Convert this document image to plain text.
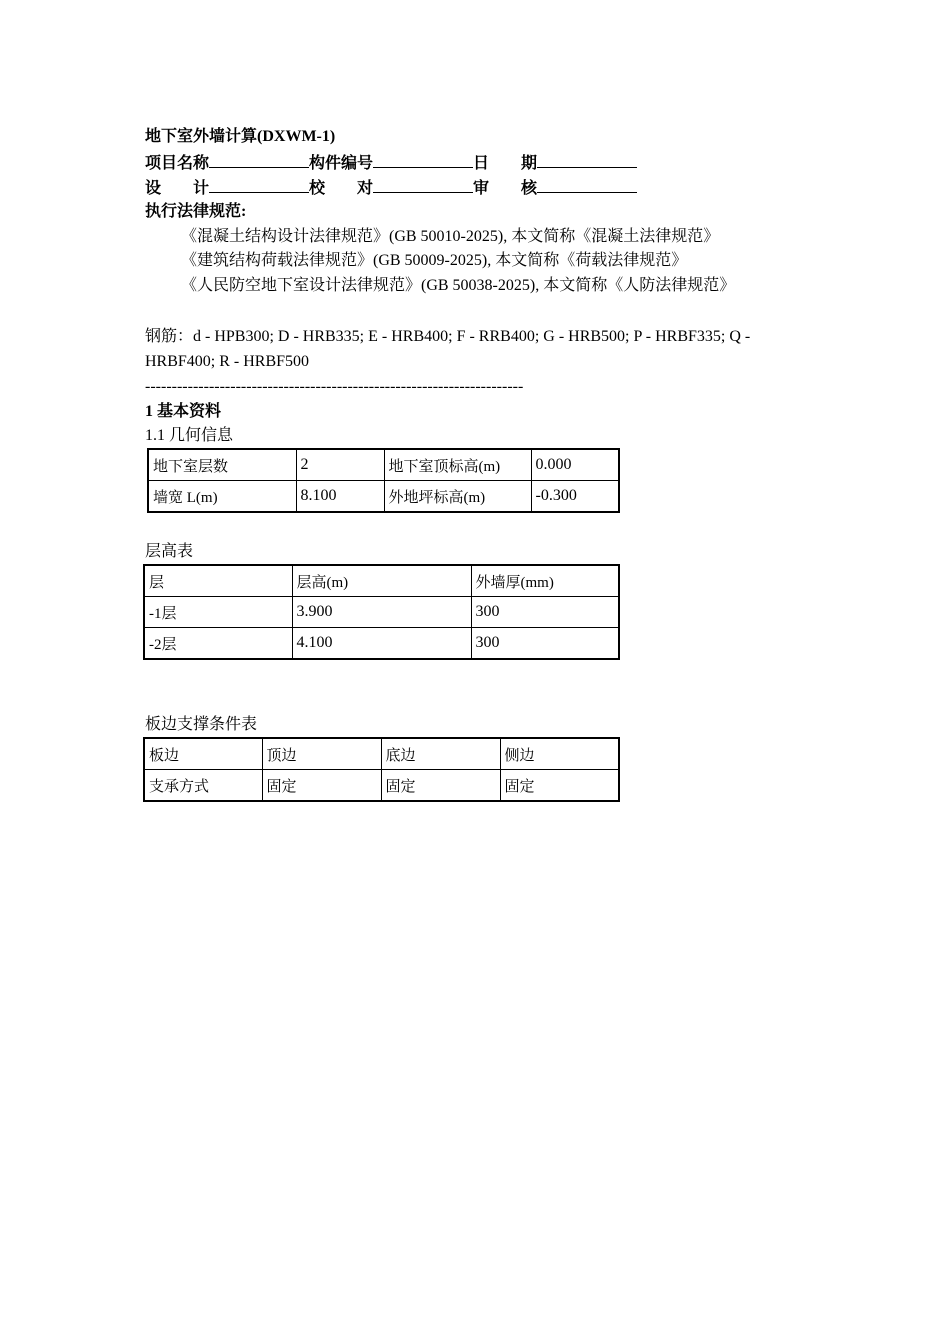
地下室外墙计算(DXWM-1)
项目名称	构件编号	日　　期
设　　计	校　　对	审　　核
执行法律规范:
《混凝土结构设计法律规范》(GB 50010-2025), 本文简称《混凝土法律规范》
《建筑结构荷载法律规范》(GB 50009-2025), 本文简称《荷载法律规范》
《人民防空地下室设计法律规范》(GB 50038-2025), 本文简称《人防法律规范》
钢筋：d - HPB300; D - HRB335; E - HRB400; F - RRB400; G - HRB500; P - HRBF335; Q -
HRBF400; R - HRBF500
-----------------------------------------------------------------------
1 基本资料
1.1 几何信息
地下室层数	2	地下室顶标高(m)	0.000
墙宽 L(m)	8.100	外地坪标高(m)	-0.300
层高表
层	层高(m)	外墙厚(mm)
-1层	3.900	300
-2层	4.100	300
板边支撑条件表
板边	顶边	底边	侧边
支承方式	固定	固定	固定
